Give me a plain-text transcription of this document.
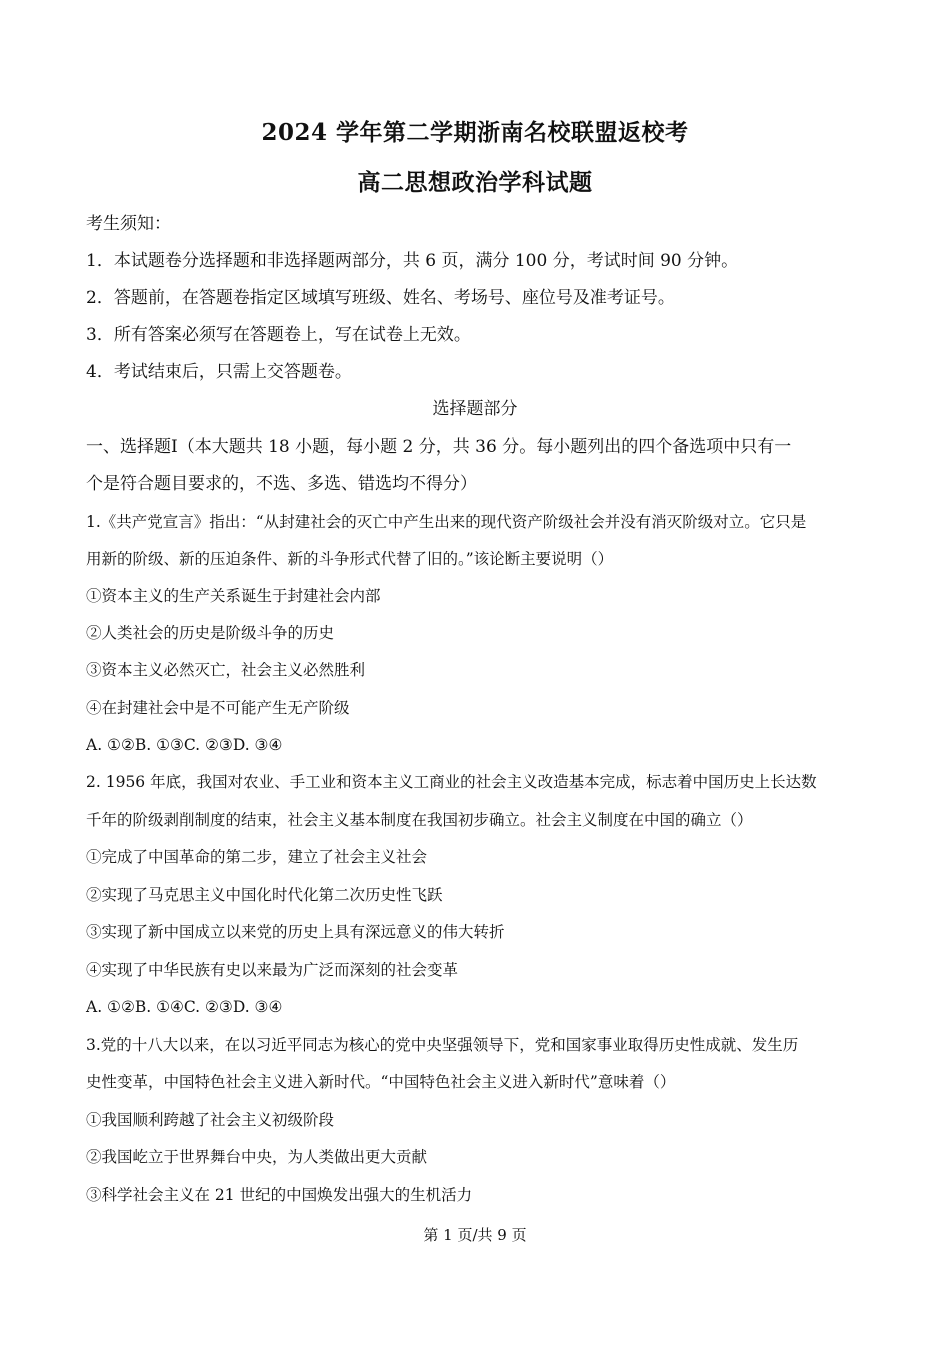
2024 学年第二学期浙南名校联盟返校考
高二思想政治学科试题
考生须知：
1．本试题卷分选择题和非选择题两部分，共 6 页，满分 100 分，考试时间 90 分钟。
2．答题前，在答题卷指定区域填写班级、姓名、考场号、座位号及准考证号。
3．所有答案必须写在答题卷上，写在试卷上无效。
4．考试结束后，只需上交答题卷。
选择题部分
一、选择题Ⅰ（本大题共 18 小题，每小题 2 分，共 36 分。每小题列出的四个备选项中只有一
个是符合题目要求的，不选、多选、错选均不得分）
1.《共产党宣言》指出：“从封建社会的灭亡中产生出来的现代资产阶级社会并没有消灭阶级对立。它只是
用新的阶级、新的压迫条件、新的斗争形式代替了旧的。”该论断主要说明（）
①资本主义的生产关系诞生于封建社会内部
②人类社会的历史是阶级斗争的历史
③资本主义必然灭亡，社会主义必然胜利
④在封建社会中是不可能产生无产阶级
A. ①②B. ①③C. ②③D. ③④
2. 1956 年底，我国对农业、手工业和资本主义工商业的社会主义改造基本完成，标志着中国历史上长达数
千年的阶级剥削制度的结束，社会主义基本制度在我国初步确立。社会主义制度在中国的确立（）
①完成了中国革命的第二步，建立了社会主义社会
②实现了马克思主义中国化时代化第二次历史性飞跃
③实现了新中国成立以来党的历史上具有深远意义的伟大转折
④实现了中华民族有史以来最为广泛而深刻的社会变革
A. ①②B. ①④C. ②③D. ③④
3.党的十八大以来，在以习近平同志为核心的党中央坚强领导下，党和国家事业取得历史性成就、发生历
史性变革，中国特色社会主义进入新时代。“中国特色社会主义进入新时代”意味着（）
①我国顺利跨越了社会主义初级阶段
②我国屹立于世界舞台中央，为人类做出更大贡献
③科学社会主义在 21 世纪的中国焕发出强大的生机活力
第 1 页/共 9 页
